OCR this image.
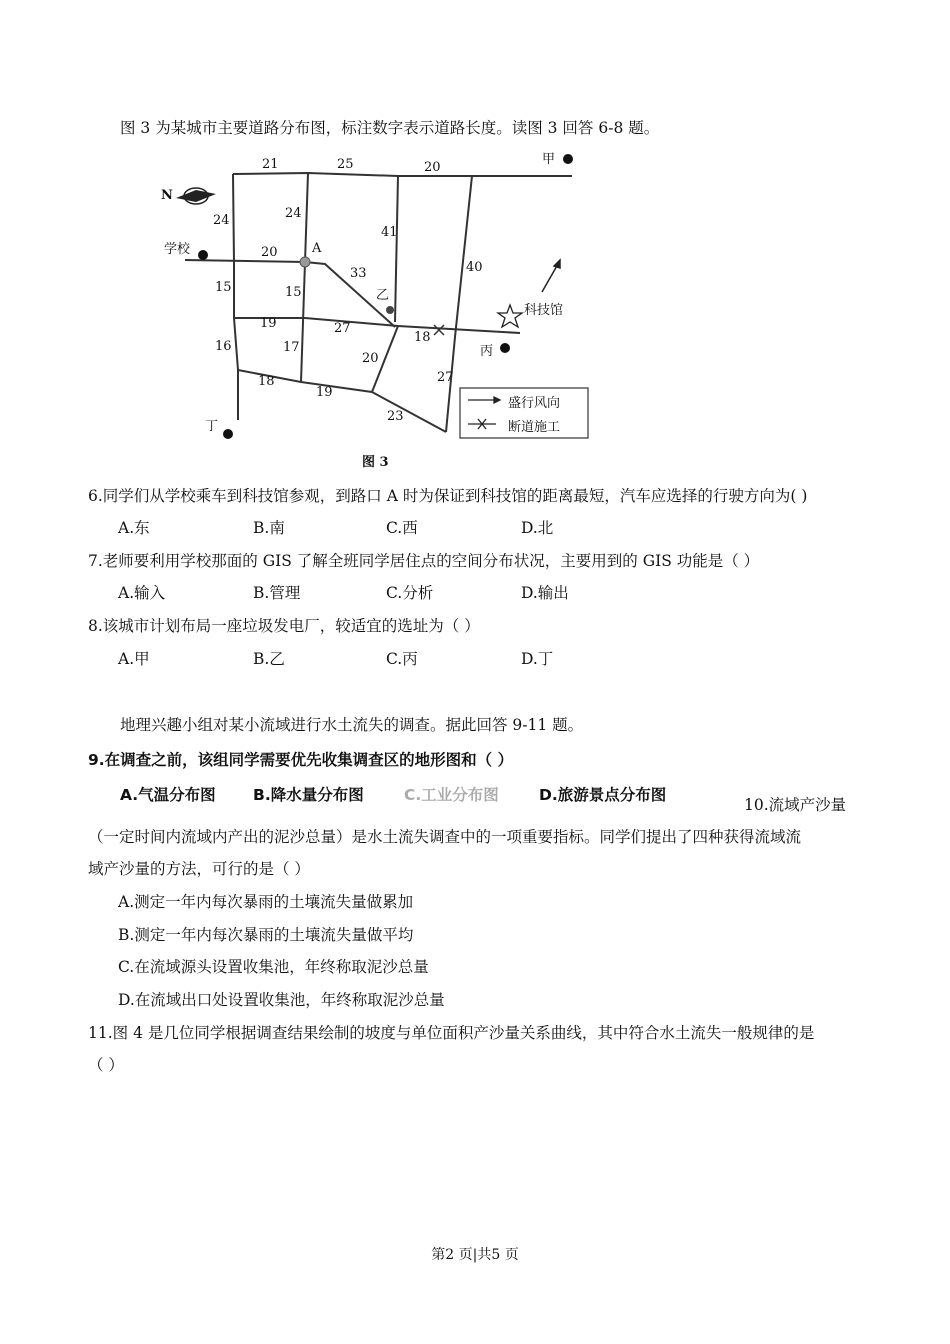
图 3 为某城市主要道路分布图，标注数字表示道路长度。读图 3 回答 6-8 题。
N
甲
学校	A
乙
科技馆
丙
丁
盛行风向
断道施工
图 3
21	25	20
24	24
41
20
33	40
15	15
19	27
18
16	17
20
18
19
27
23
6.同学们从学校乘车到科技馆参观，到路口 A 时为保证到科技馆的距离最短，汽车应选择的行驶方向为( )
A.东	B.南	C.西	D.北
7.老师要利用学校那面的 GIS 了解全班同学居住点的空间分布状况，主要用到的 GIS 功能是（ ）
A.输入	B.管理	C.分析	D.输出
8.该城市计划布局一座垃圾发电厂，较适宜的选址为（ ）
A.甲	B.乙	C.丙	D.丁
地理兴趣小组对某小流域进行水土流失的调查。据此回答 9-11 题。
9.在调查之前，该组同学需要优先收集调查区的地形图和（ ）
A.气温分布图 B.降水量分布图	C.工业分布图	D.旅游景点分布图
10.流域产沙量
（一定时间内流域内产出的泥沙总量）是水土流失调查中的一项重要指标。同学们提出了四种获得流域流
域产沙量的方法，可行的是（ ）
A.测定一年内每次暴雨的土壤流失量做累加
B.测定一年内每次暴雨的土壤流失量做平均
C.在流域源头设置收集池，年终称取泥沙总量
D.在流域出口处设置收集池，年终称取泥沙总量
11.图 4 是几位同学根据调查结果绘制的坡度与单位面积产沙量关系曲线，其中符合水土流失一般规律的是
（ ）
第2 页|共5 页
